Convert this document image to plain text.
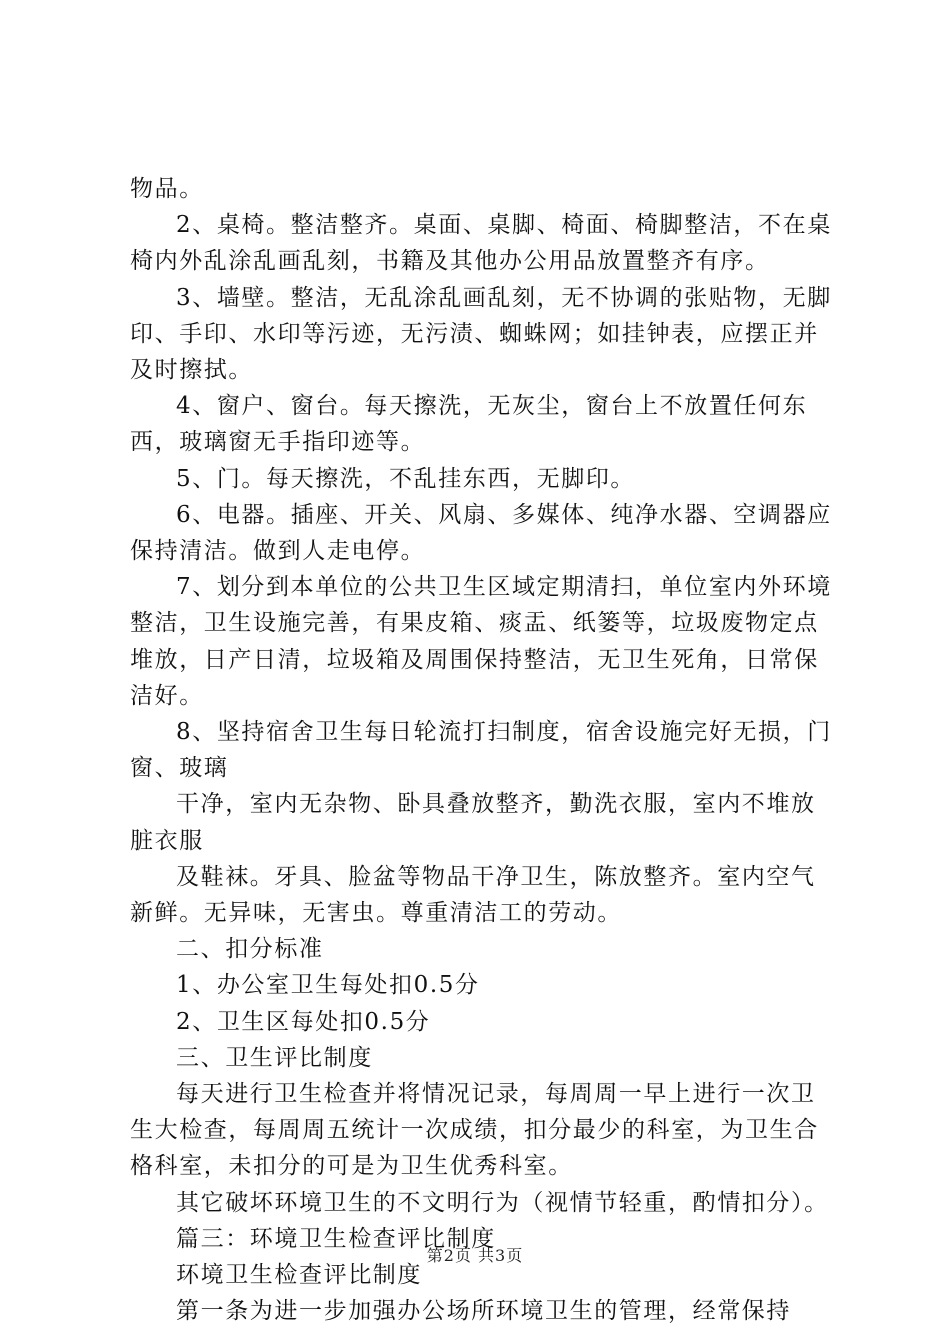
物品。

2、桌椅。整洁整齐。桌面、桌脚、椅面、椅脚整洁，不在桌椅内外乱涂乱画乱刻，书籍及其他办公用品放置整齐有序。

3、墙壁。整洁，无乱涂乱画乱刻，无不协调的张贴物，无脚印、手印、水印等污迹，无污渍、蜘蛛网；如挂钟表，应摆正并及时擦拭。

4、窗户、窗台。每天擦洗，无灰尘，窗台上不放置任何东西，玻璃窗无手指印迹等。

5、门。每天擦洗，不乱挂东西，无脚印。

6、电器。插座、开关、风扇、多媒体、纯净水器、空调器应保持清洁。做到人走电停。

7、划分到本单位的公共卫生区域定期清扫，单位室内外环境整洁，卫生设施完善，有果皮箱、痰盂、纸篓等，垃圾废物定点堆放，日产日清，垃圾箱及周围保持整洁，无卫生死角，日常保洁好。

8、坚持宿舍卫生每日轮流打扫制度，宿舍设施完好无损，门窗、玻璃

干净，室内无杂物、卧具叠放整齐，勤洗衣服，室内不堆放脏衣服

及鞋袜。牙具、脸盆等物品干净卫生，陈放整齐。室内空气新鲜。无异味，无害虫。尊重清洁工的劳动。

二、扣分标准

1、办公室卫生每处扣0.5分

2、卫生区每处扣0.5分

三、卫生评比制度

每天进行卫生检查并将情况记录，每周周一早上进行一次卫生大检查，每周周五统计一次成绩，扣分最少的科室，为卫生合格科室，未扣分的可是为卫生优秀科室。

其它破坏环境卫生的不文明行为（视情节轻重，酌情扣分）。

篇三：环境卫生检查评比制度

环境卫生检查评比制度

第一条为进一步加强办公场所环境卫生的管理，经常保持

第2页 共3页
